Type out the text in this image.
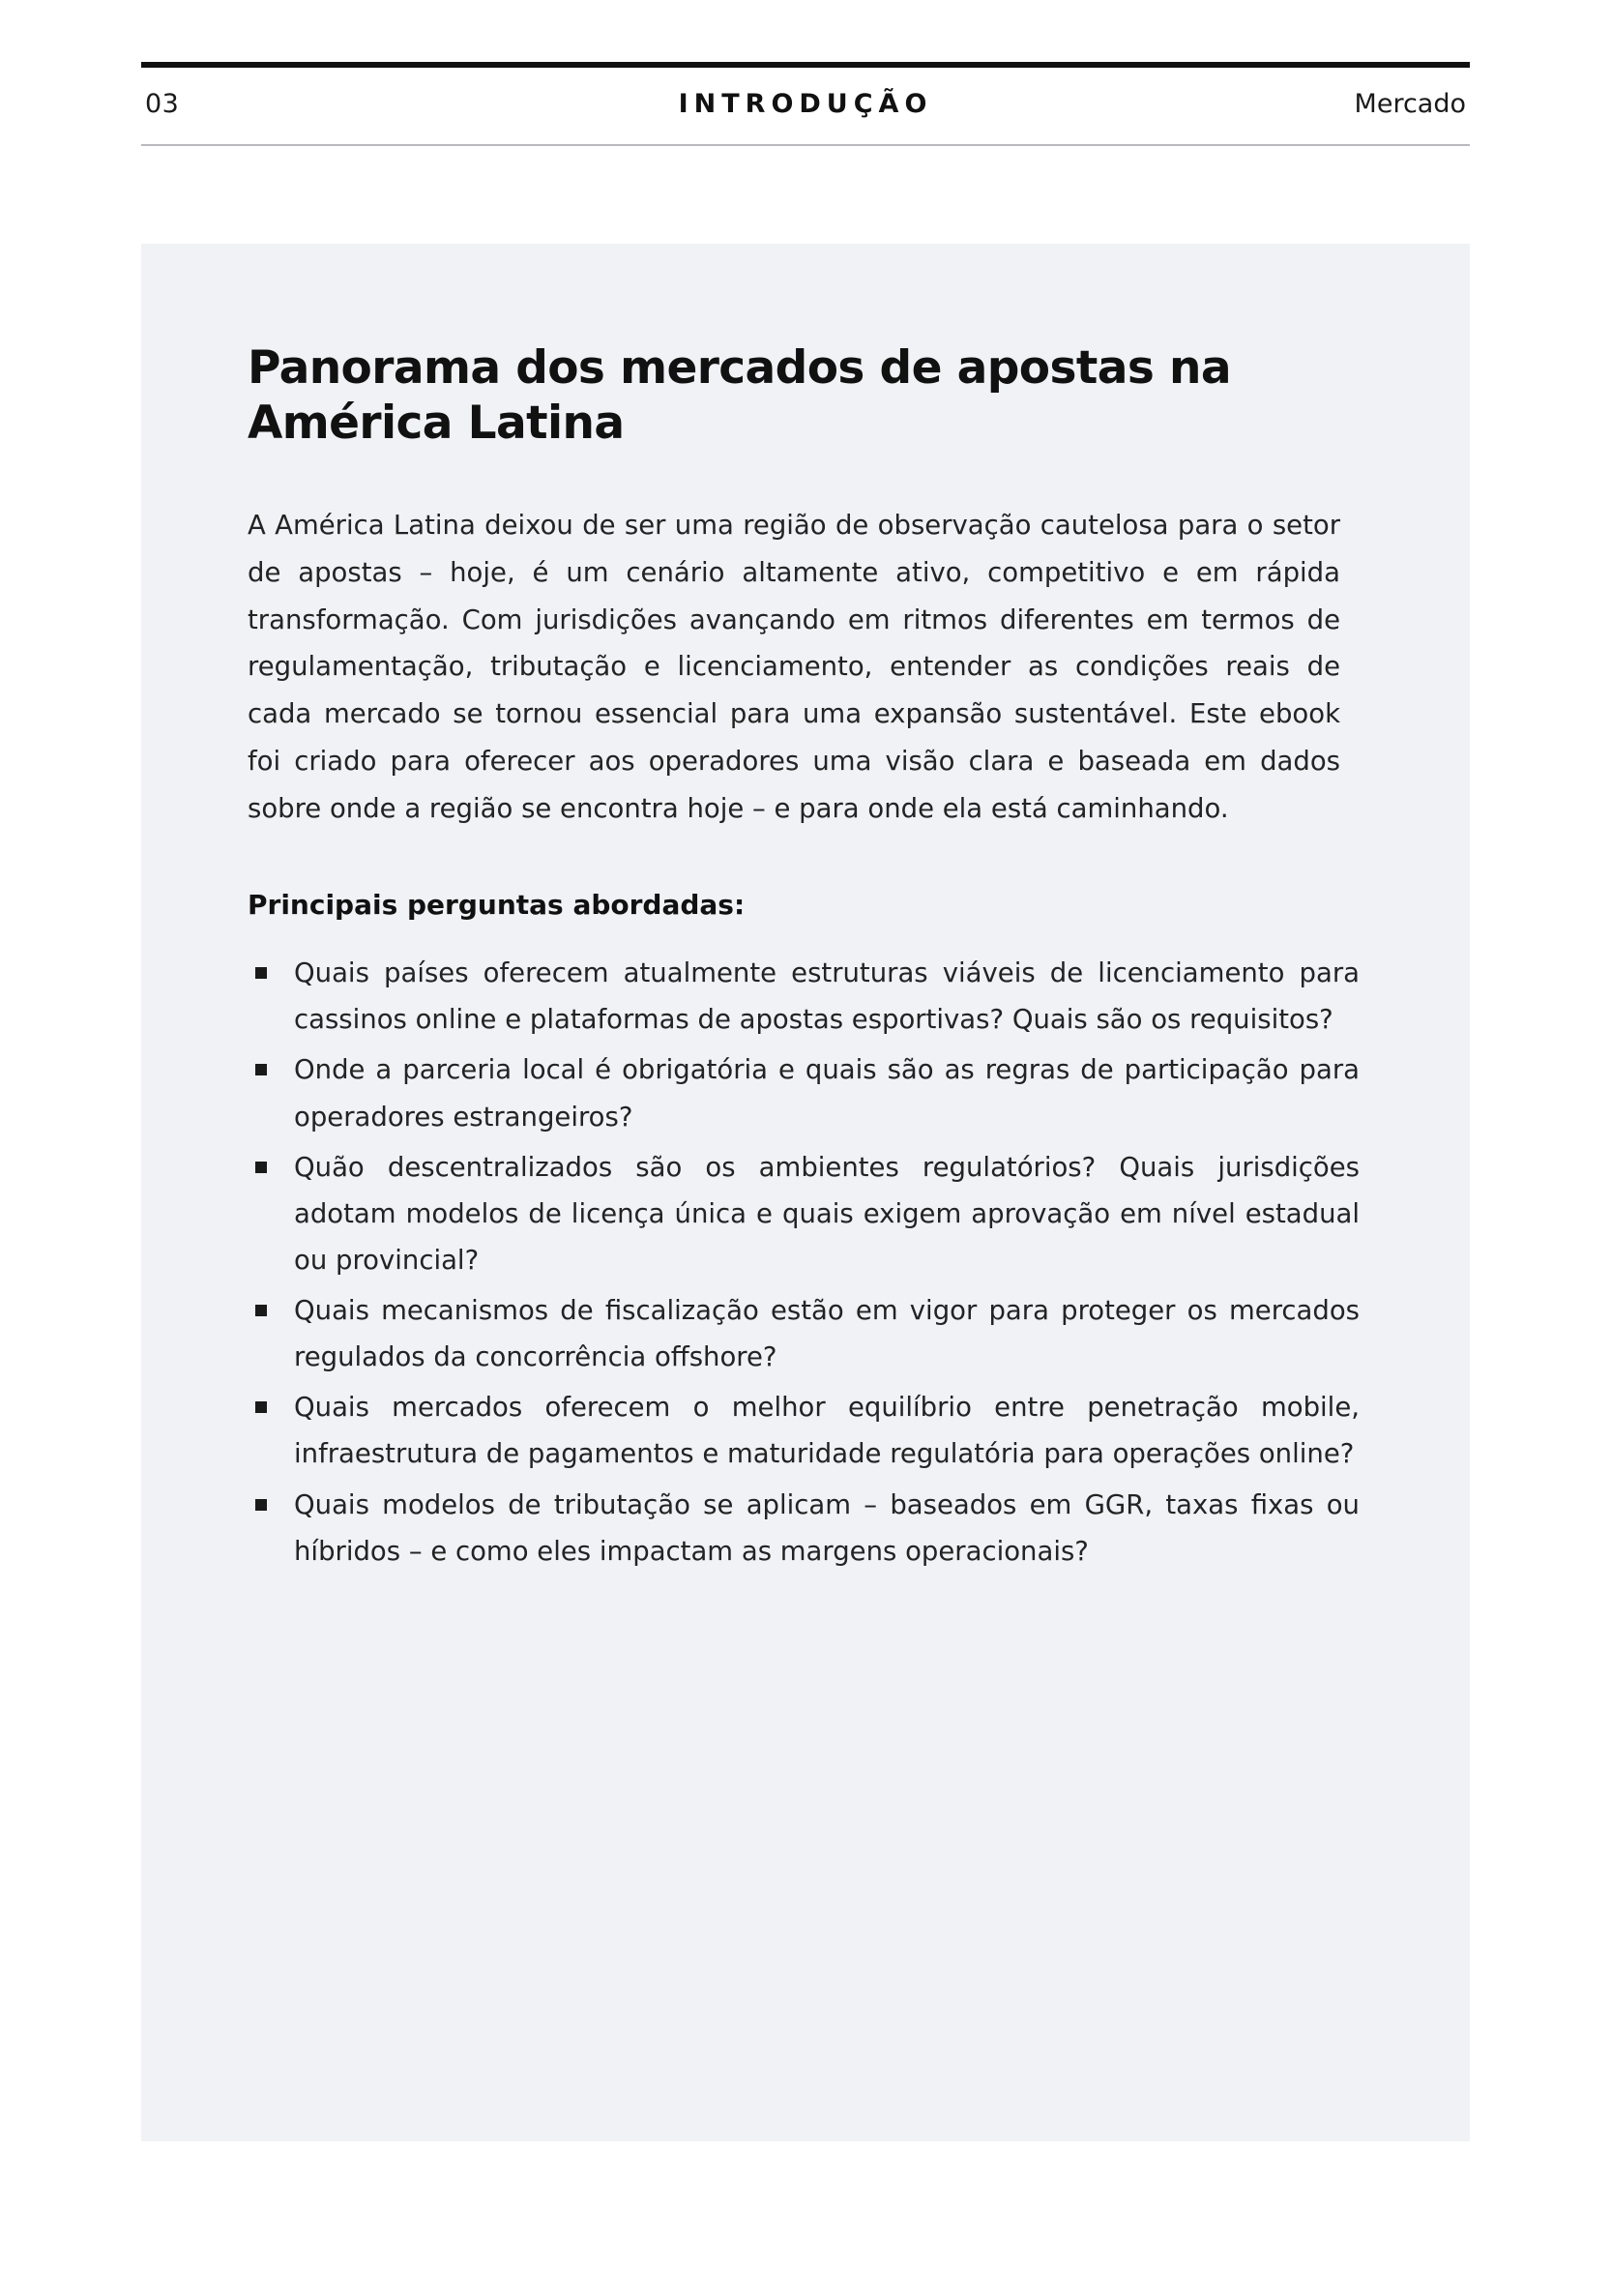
03	INTRODUÇÃO	Mercado
Panorama dos mercados de apostas na América Latina

A América Latina deixou de ser uma região de observação cautelosa para o setor de apostas – hoje, é um cenário altamente ativo, competitivo e em rápida transformação. Com jurisdições avançando em ritmos diferentes em termos de regulamentação, tributação e licenciamento, entender as condições reais de cada mercado se tornou essencial para uma expansão sustentável. Este ebook foi criado para oferecer aos operadores uma visão clara e baseada em dados sobre onde a região se encontra hoje – e para onde ela está caminhando.

Principais perguntas abordadas:
Quais países oferecem atualmente estruturas viáveis de licenciamento para cassinos online e plataformas de apostas esportivas? Quais são os requisitos?
Onde a parceria local é obrigatória e quais são as regras de participação para operadores estrangeiros?
Quão descentralizados são os ambientes regulatórios? Quais jurisdições adotam modelos de licença única e quais exigem aprovação em nível estadual ou provincial?
Quais mecanismos de fiscalização estão em vigor para proteger os mercados regulados da concorrência offshore?
Quais mercados oferecem o melhor equilíbrio entre penetração mobile, infraestrutura de pagamentos e maturidade regulatória para operações online?
Quais modelos de tributação se aplicam – baseados em GGR, taxas fixas ou híbridos – e como eles impactam as margens operacionais?
